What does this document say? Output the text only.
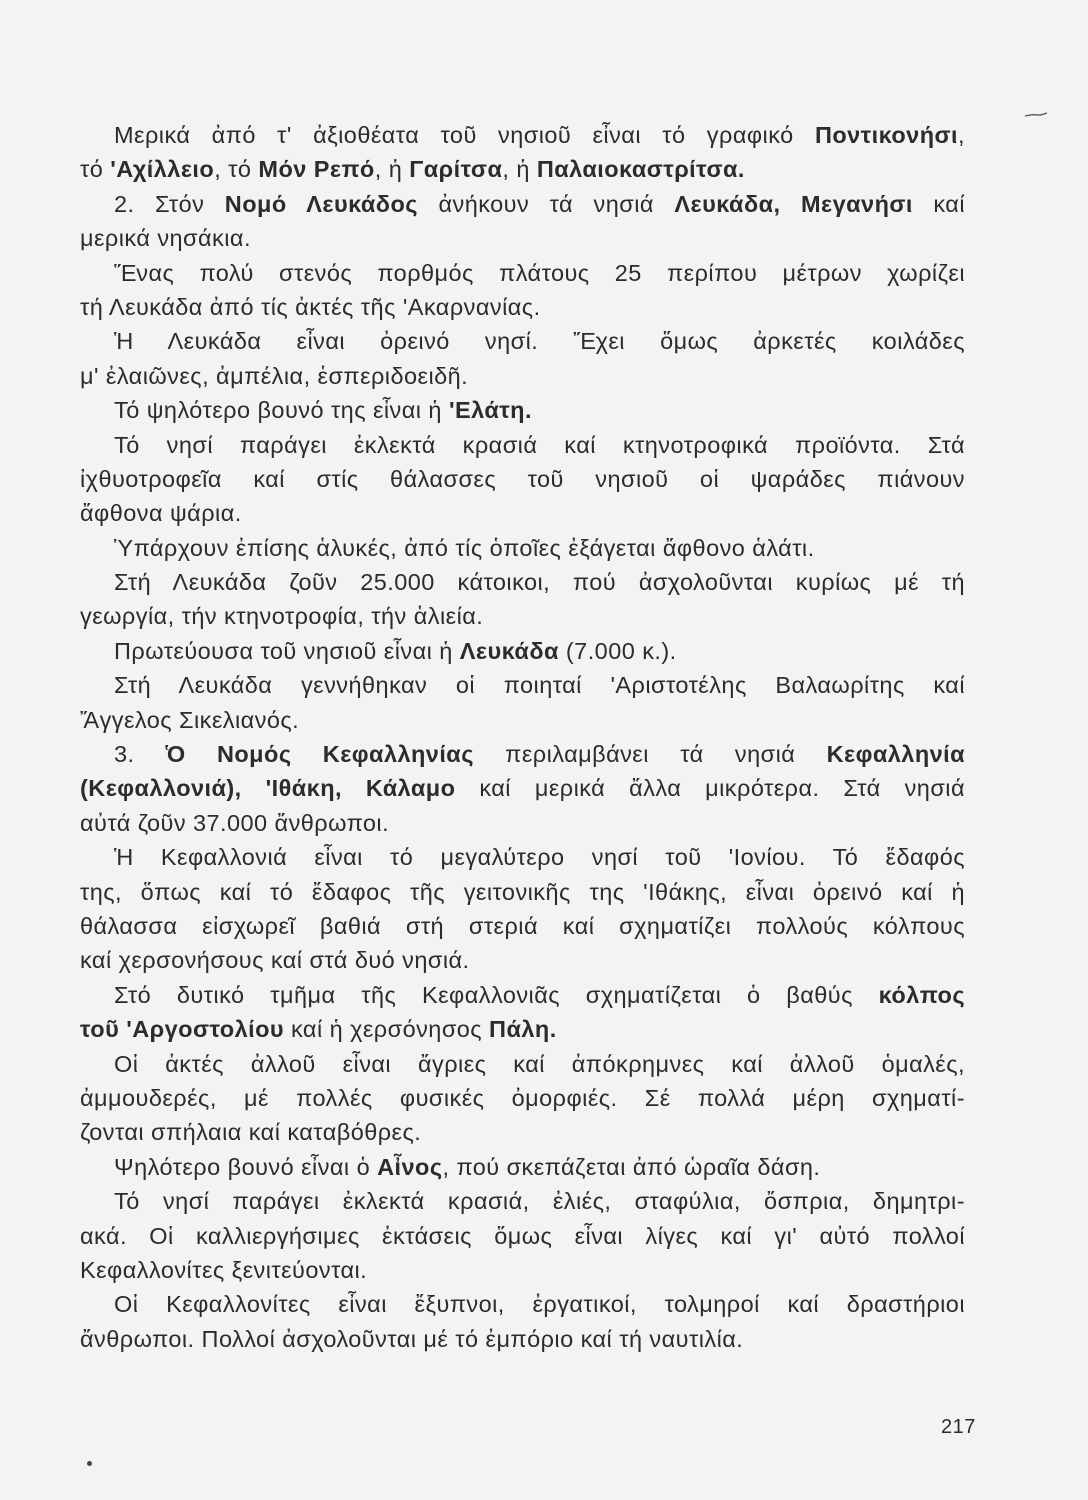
Μερικά ἀπό τ' ἀξιοθέατα τοῦ νησιοῦ εἶναι τό γραφικό Ποντικονήσι,
τό 'Αχίλλειο, τό Μόν Ρεπό, ἡ Γαρίτσα, ἡ Παλαιοκαστρίτσα.
2. Στόν Νομό Λευκάδος ἀνήκουν τά νησιά Λευκάδα, Μεγανήσι καί
μερικά νησάκια.
Ἕνας πολύ στενός πορθμός πλάτους 25 περίπου μέτρων χωρίζει
τή Λευκάδα ἀπό τίς ἀκτές τῆς 'Ακαρνανίας.
Ἡ Λευκάδα εἶναι ὀρεινό νησί. Ἔχει ὅμως ἀρκετές κοιλάδες
μ' ἐλαιῶνες, ἀμπέλια, ἑσπεριδοειδῆ.
Τό ψηλότερο βουνό της εἶναι ἡ 'Ελάτη.
Τό νησί παράγει ἐκλεκτά κρασιά καί κτηνοτροφικά προϊόντα. Στά
ἰχθυοτροφεῖα καί στίς θάλασσες τοῦ νησιοῦ οἱ ψαράδες πιάνουν
ἄφθονα ψάρια.
Ὑπάρχουν ἐπίσης ἁλυκές, ἀπό τίς ὁποῖες ἐξάγεται ἄφθονο ἁλάτι.
Στή Λευκάδα ζοῦν 25.000 κάτοικοι, πού ἀσχολοῦνται κυρίως μέ τή
γεωργία, τήν κτηνοτροφία, τήν ἁλιεία.
Πρωτεύουσα τοῦ νησιοῦ εἶναι ἡ Λευκάδα (7.000 κ.).
Στή Λευκάδα γεννήθηκαν οἱ ποιηταί 'Αριστοτέλης Βαλαωρίτης καί
Ἄγγελος Σικελιανός.
3. Ὁ Νομός Κεφαλληνίας περιλαμβάνει τά νησιά Κεφαλληνία
(Κεφαλλονιά), 'Ιθάκη, Κάλαμο καί μερικά ἄλλα μικρότερα. Στά νησιά
αὐτά ζοῦν 37.000 ἄνθρωποι.
Ἡ Κεφαλλονιά εἶναι τό μεγαλύτερο νησί τοῦ 'Ιονίου. Τό ἔδαφός
της, ὅπως καί τό ἔδαφος τῆς γειτονικῆς της 'Ιθάκης, εἶναι ὀρεινό καί ἡ
θάλασσα εἰσχωρεῖ βαθιά στή στεριά καί σχηματίζει πολλούς κόλπους
καί χερσονήσους καί στά δυό νησιά.
Στό δυτικό τμῆμα τῆς Κεφαλλονιᾶς σχηματίζεται ὁ βαθύς κόλπος
τοῦ 'Αργοστολίου καί ἡ χερσόνησος Πάλη.
Οἱ ἀκτές ἀλλοῦ εἶναι ἄγριες καί ἀπόκρημνες καί ἀλλοῦ ὁμαλές,
ἀμμουδερές, μέ πολλές φυσικές ὀμορφιές. Σέ πολλά μέρη σχηματί-
ζονται σπήλαια καί καταβόθρες.
Ψηλότερο βουνό εἶναι ὁ Αἶνος, πού σκεπάζεται ἀπό ὡραῖα δάση.
Τό νησί παράγει ἐκλεκτά κρασιά, ἐλιές, σταφύλια, ὄσπρια, δημητρι-
ακά. Οἱ καλλιεργήσιμες ἐκτάσεις ὅμως εἶναι λίγες καί γι' αὐτό πολλοί
Κεφαλλονίτες ξενιτεύονται.
Οἱ Κεφαλλονίτες εἶναι ἔξυπνοι, ἐργατικοί, τολμηροί καί δραστήριοι
ἄνθρωποι. Πολλοί ἀσχολοῦνται μέ τό ἐμπόριο καί τή ναυτιλία.
217
